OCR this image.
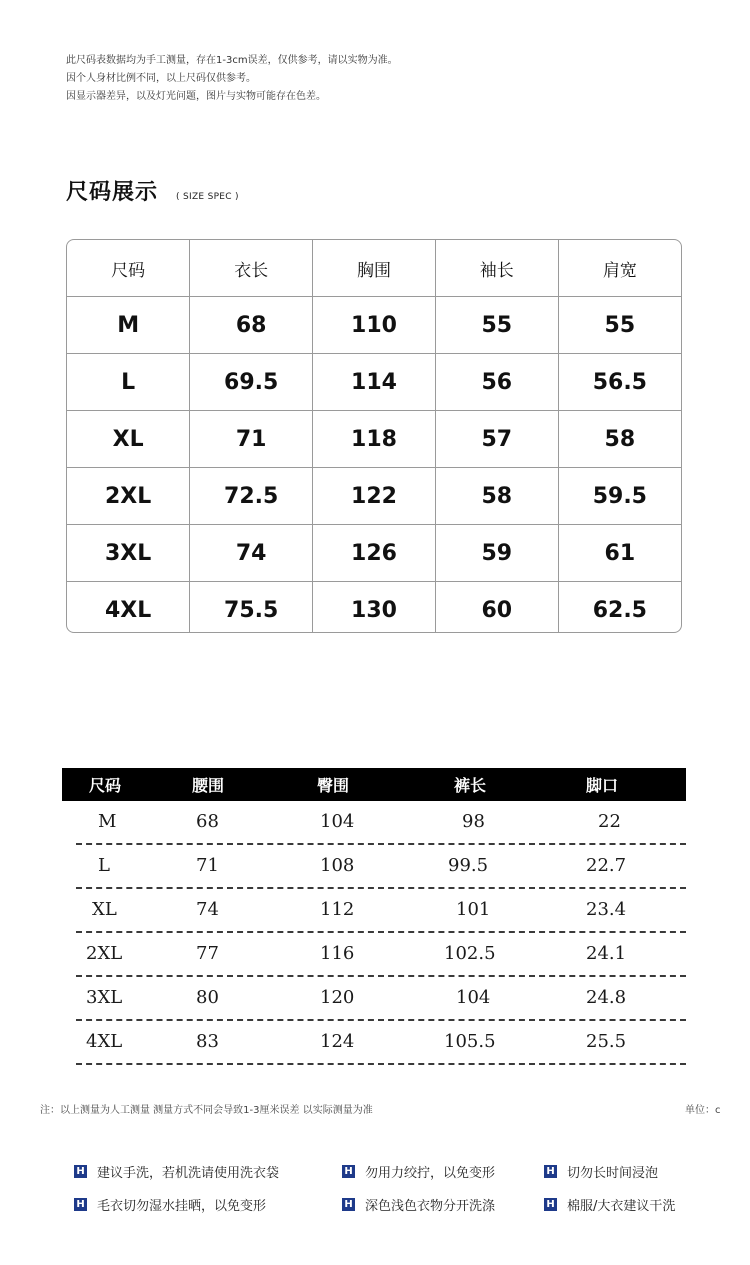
此尺码表数据均为手工测量，存在1-3cm误差，仅供参考，请以实物为准。
因个人身材比例不同，以上尺码仅供参考。
因显示器差异，以及灯光问题，图片与实物可能存在色差。
尺码展示 ( SIZE SPEC )
尺码	衣长	胸围	袖长	肩宽
M	68	110	55	55
L	69.5	114	56	56.5
XL	71	118	57	58
2XL	72.5	122	58	59.5
3XL	74	126	59	61
4XL	75.5	130	60	62.5
尺码	腰围	臀围	裤长	脚口
M	68	104	98	22
L	71	108	99.5	22.7
XL	74	112	101	23.4
2XL	77	116	102.5	24.1
3XL	80	120	104	24.8
4XL	83	124	105.5	25.5
注：以上测量为人工测量 测量方式不同会导致1-3厘米误差 以实际测量为准	单位：c
H 建议手洗，若机洗请使用洗衣袋	H 勿用力绞拧，以免变形	H 切勿长时间浸泡
H 毛衣切勿湿水挂晒，以免变形	H 深色浅色衣物分开洗涤	H 棉服/大衣建议干洗
